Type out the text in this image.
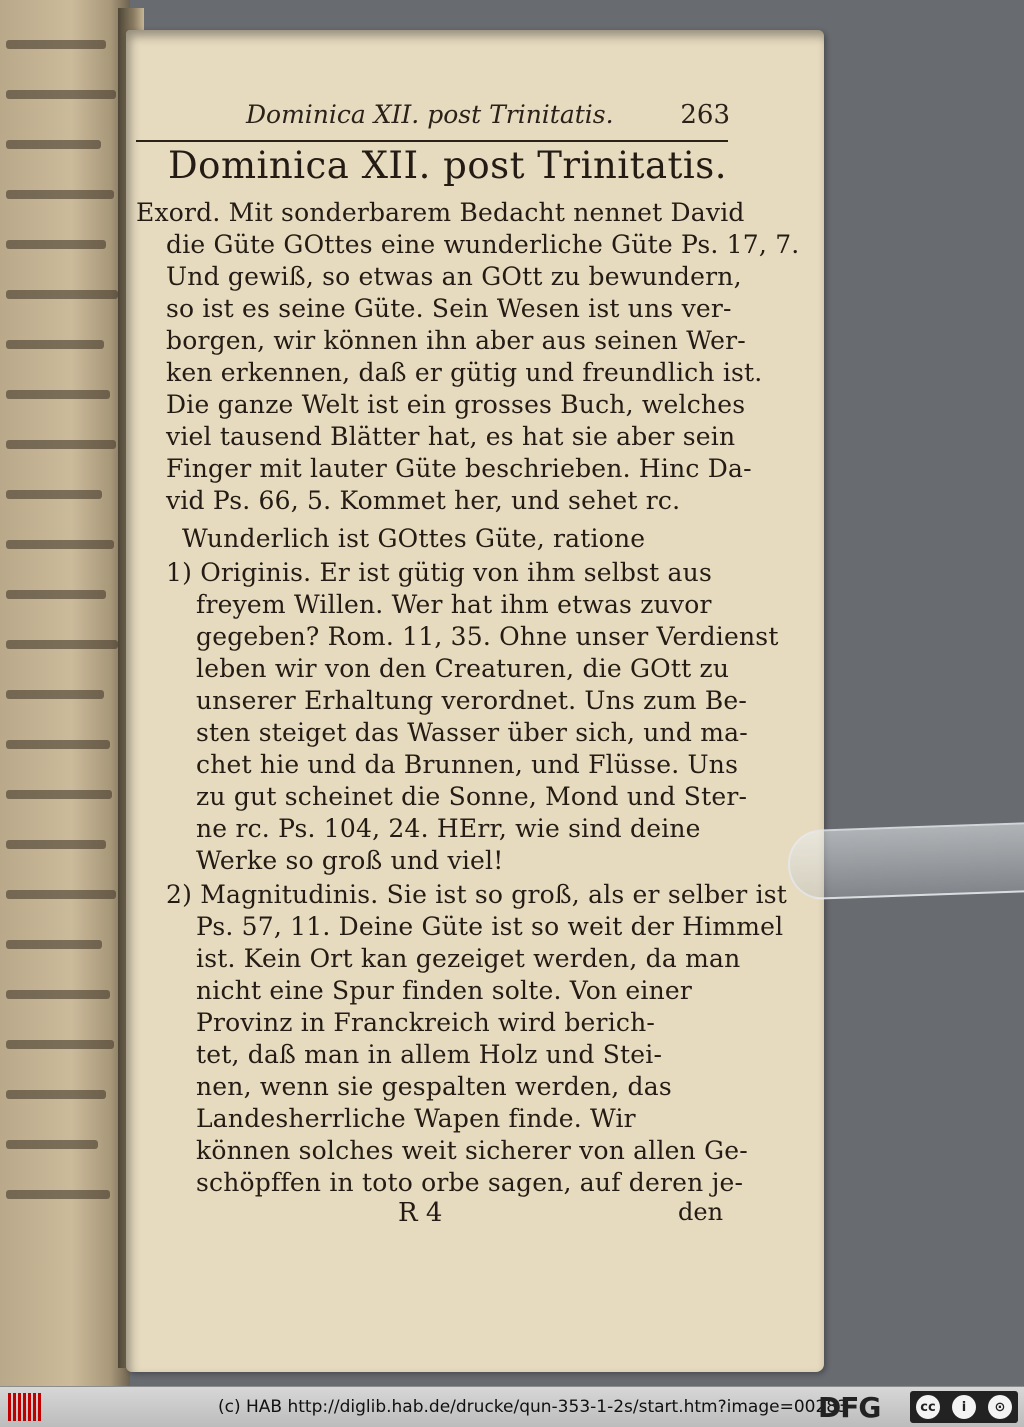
Dominica XII. post Trinitatis.	263
Dominica XII. post Trinitatis.
Exord. Mit sonderbarem Bedacht nennet David
die Güte GOttes eine wunderliche Güte Ps. 17, 7.
Und gewiß, so etwas an GOtt zu bewundern,
so ist es seine Güte. Sein Wesen ist uns ver-
borgen, wir können ihn aber aus seinen Wer-
ken erkennen, daß er gütig und freundlich ist.
Die ganze Welt ist ein grosses Buch, welches
viel tausend Blätter hat, es hat sie aber sein
Finger mit lauter Güte beschrieben. Hinc Da-
vid Ps. 66, 5. Kommet her, und sehet rc.
Wunderlich ist GOttes Güte, ratione
1) Originis. Er ist gütig von ihm selbst aus
freyem Willen. Wer hat ihm etwas zuvor
gegeben? Rom. 11, 35. Ohne unser Verdienst
leben wir von den Creaturen, die GOtt zu
unserer Erhaltung verordnet. Uns zum Be-
sten steiget das Wasser über sich, und ma-
chet hie und da Brunnen, und Flüsse. Uns
zu gut scheinet die Sonne, Mond und Ster-
ne rc. Ps. 104, 24. HErr, wie sind deine
Werke so groß und viel!
2) Magnitudinis. Sie ist so groß, als er selber ist
Ps. 57, 11. Deine Güte ist so weit der Himmel
ist. Kein Ort kan gezeiget werden, da man
nicht eine Spur finden solte. Von einer
Provinz in Franckreich wird berich-
tet, daß man in allem Holz und Stei-
nen, wenn sie gespalten werden, das
Landesherrliche Wapen finde. Wir
können solches weit sicherer von allen Ge-
schöpffen in toto orbe sagen, auf deren je-
R 4	den
(c) HAB http://diglib.hab.de/drucke/qun-353-1-2s/start.htm?image=00283
DFG	cc	i	⊙
